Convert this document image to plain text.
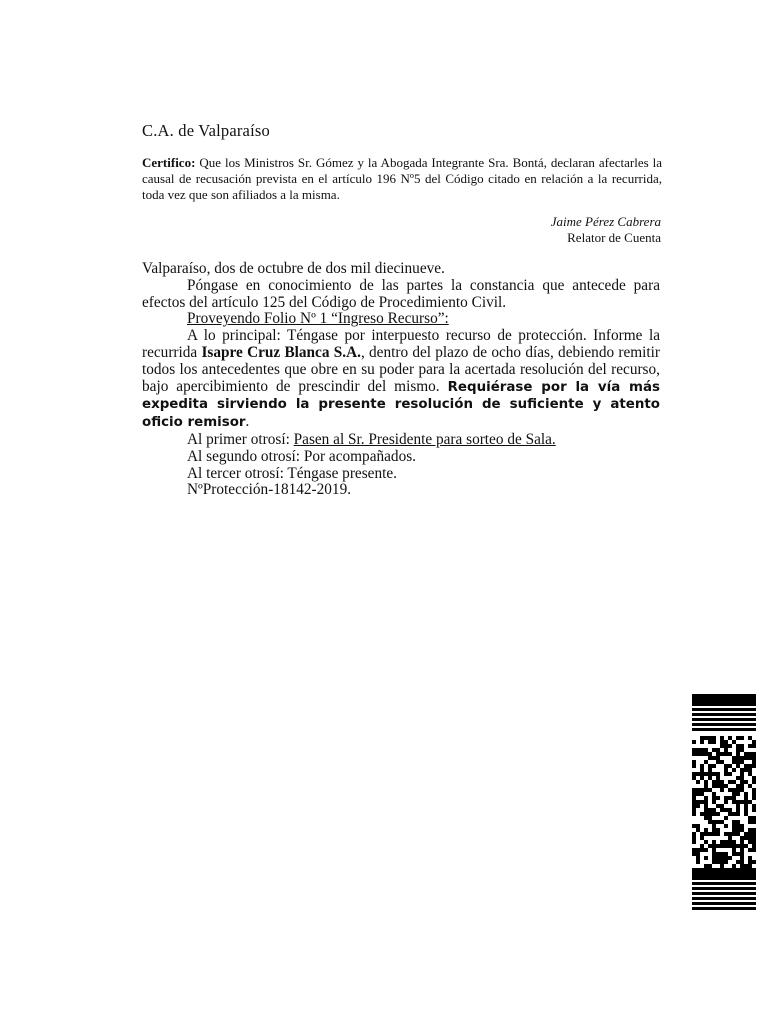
C.A. de Valparaíso
Certifico: Que los Ministros Sr. Gómez y la Abogada Integrante Sra. Bontá, declaran afectarles la causal de recusación prevista en el artículo 196 Nº5 del Código citado en relación a la recurrida, toda vez que son afiliados a la misma.
Jaime Pérez Cabrera
Relator de Cuenta

Valparaíso, dos de octubre de dos mil diecinueve.

Póngase en conocimiento de las partes la constancia que antecede para efectos del artículo 125 del Código de Procedimiento Civil.

Proveyendo Folio Nº 1 “Ingreso Recurso”:

A lo principal: Téngase por interpuesto recurso de protección. Informe la recurrida Isapre Cruz Blanca S.A., dentro del plazo de ocho días, debiendo remitir todos los antecedentes que obre en su poder para la acertada resolución del recurso, bajo apercibimiento de prescindir del mismo. Requiérase por la vía más expedita sirviendo la presente resolución de suficiente y atento oficio remisor.

Al primer otrosí: Pasen al Sr. Presidente para sorteo de Sala.

Al segundo otrosí: Por acompañados.

Al tercer otrosí: Téngase presente.

NºProtección-18142-2019.
